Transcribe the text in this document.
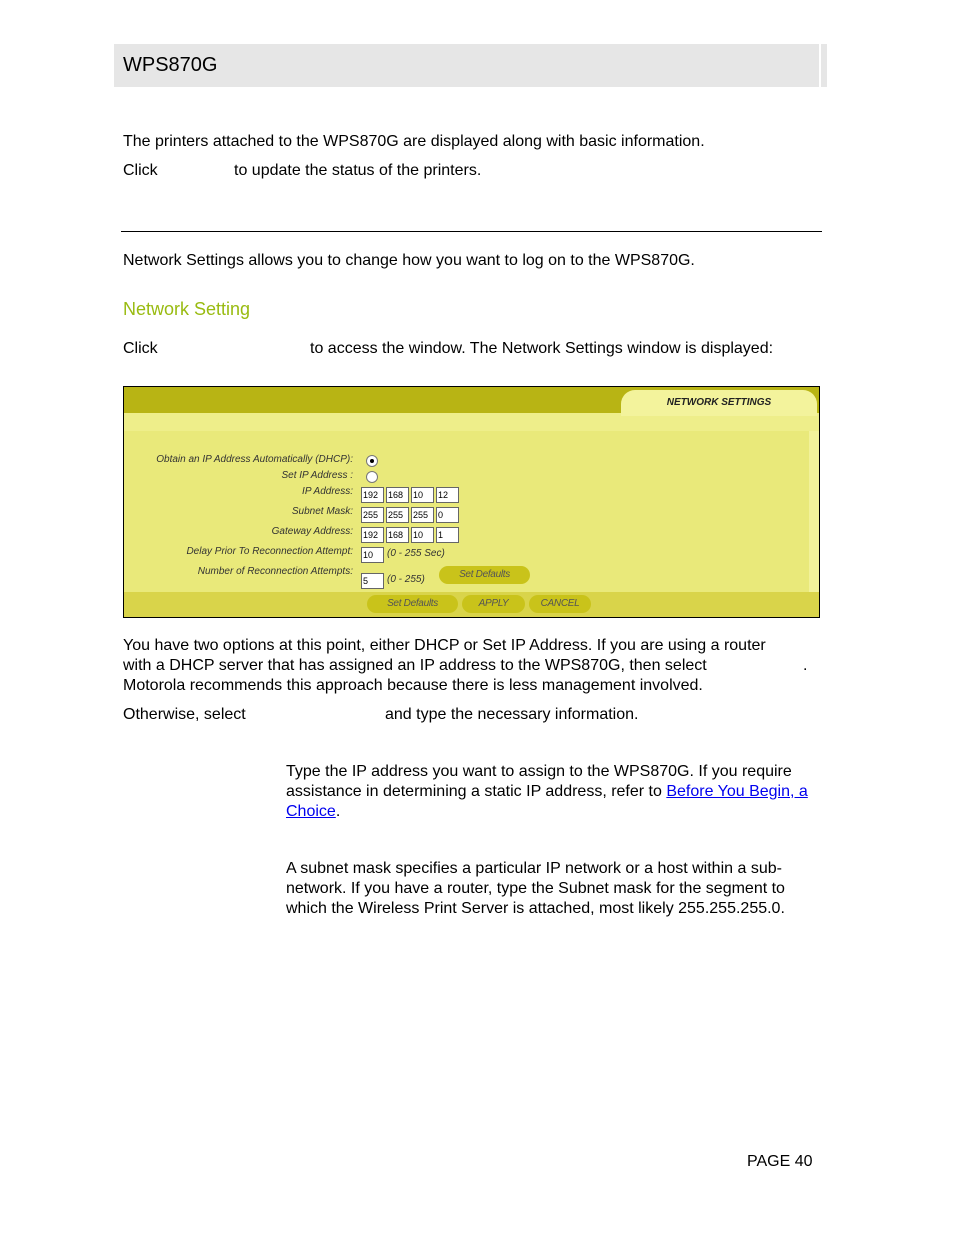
WPS870G
The printers attached to the WPS870G are displayed along with basic information.
Click	to update the status of the printers.
Network Settings allows you to change how you want to log on to the WPS870G.
Network Setting
Click	to access the window. The Network Settings window is displayed:
NETWORK SETTINGS
Obtain an IP Address Automatically (DHCP):
Set IP Address :
IP Address: 192	168	10	12
Subnet Mask: 255	255	255	0
Gateway Address: 192	168	10	1
Delay Prior To Reconnection Attempt: 10	(0 - 255 Sec)
Number of Reconnection Attempts:
5	(0 - 255)	Set Defaults
Set Defaults	APPLY	CANCEL
You have two options at this point, either DHCP or Set IP Address. If you are using a router
with a DHCP server that has assigned an IP address to the WPS870G, then select	.
Motorola recommends this approach because there is less management involved.
Otherwise, select	and type the necessary information.
Type the IP address you want to assign to the WPS870G. If you require assistance in determining a static IP address, refer to Before You Begin, a Choice.
A subnet mask specifies a particular IP network or a host within a sub-network. If you have a router, type the Subnet mask for the segment to which the Wireless Print Server is attached, most likely 255.255.255.0.
PAGE 40
